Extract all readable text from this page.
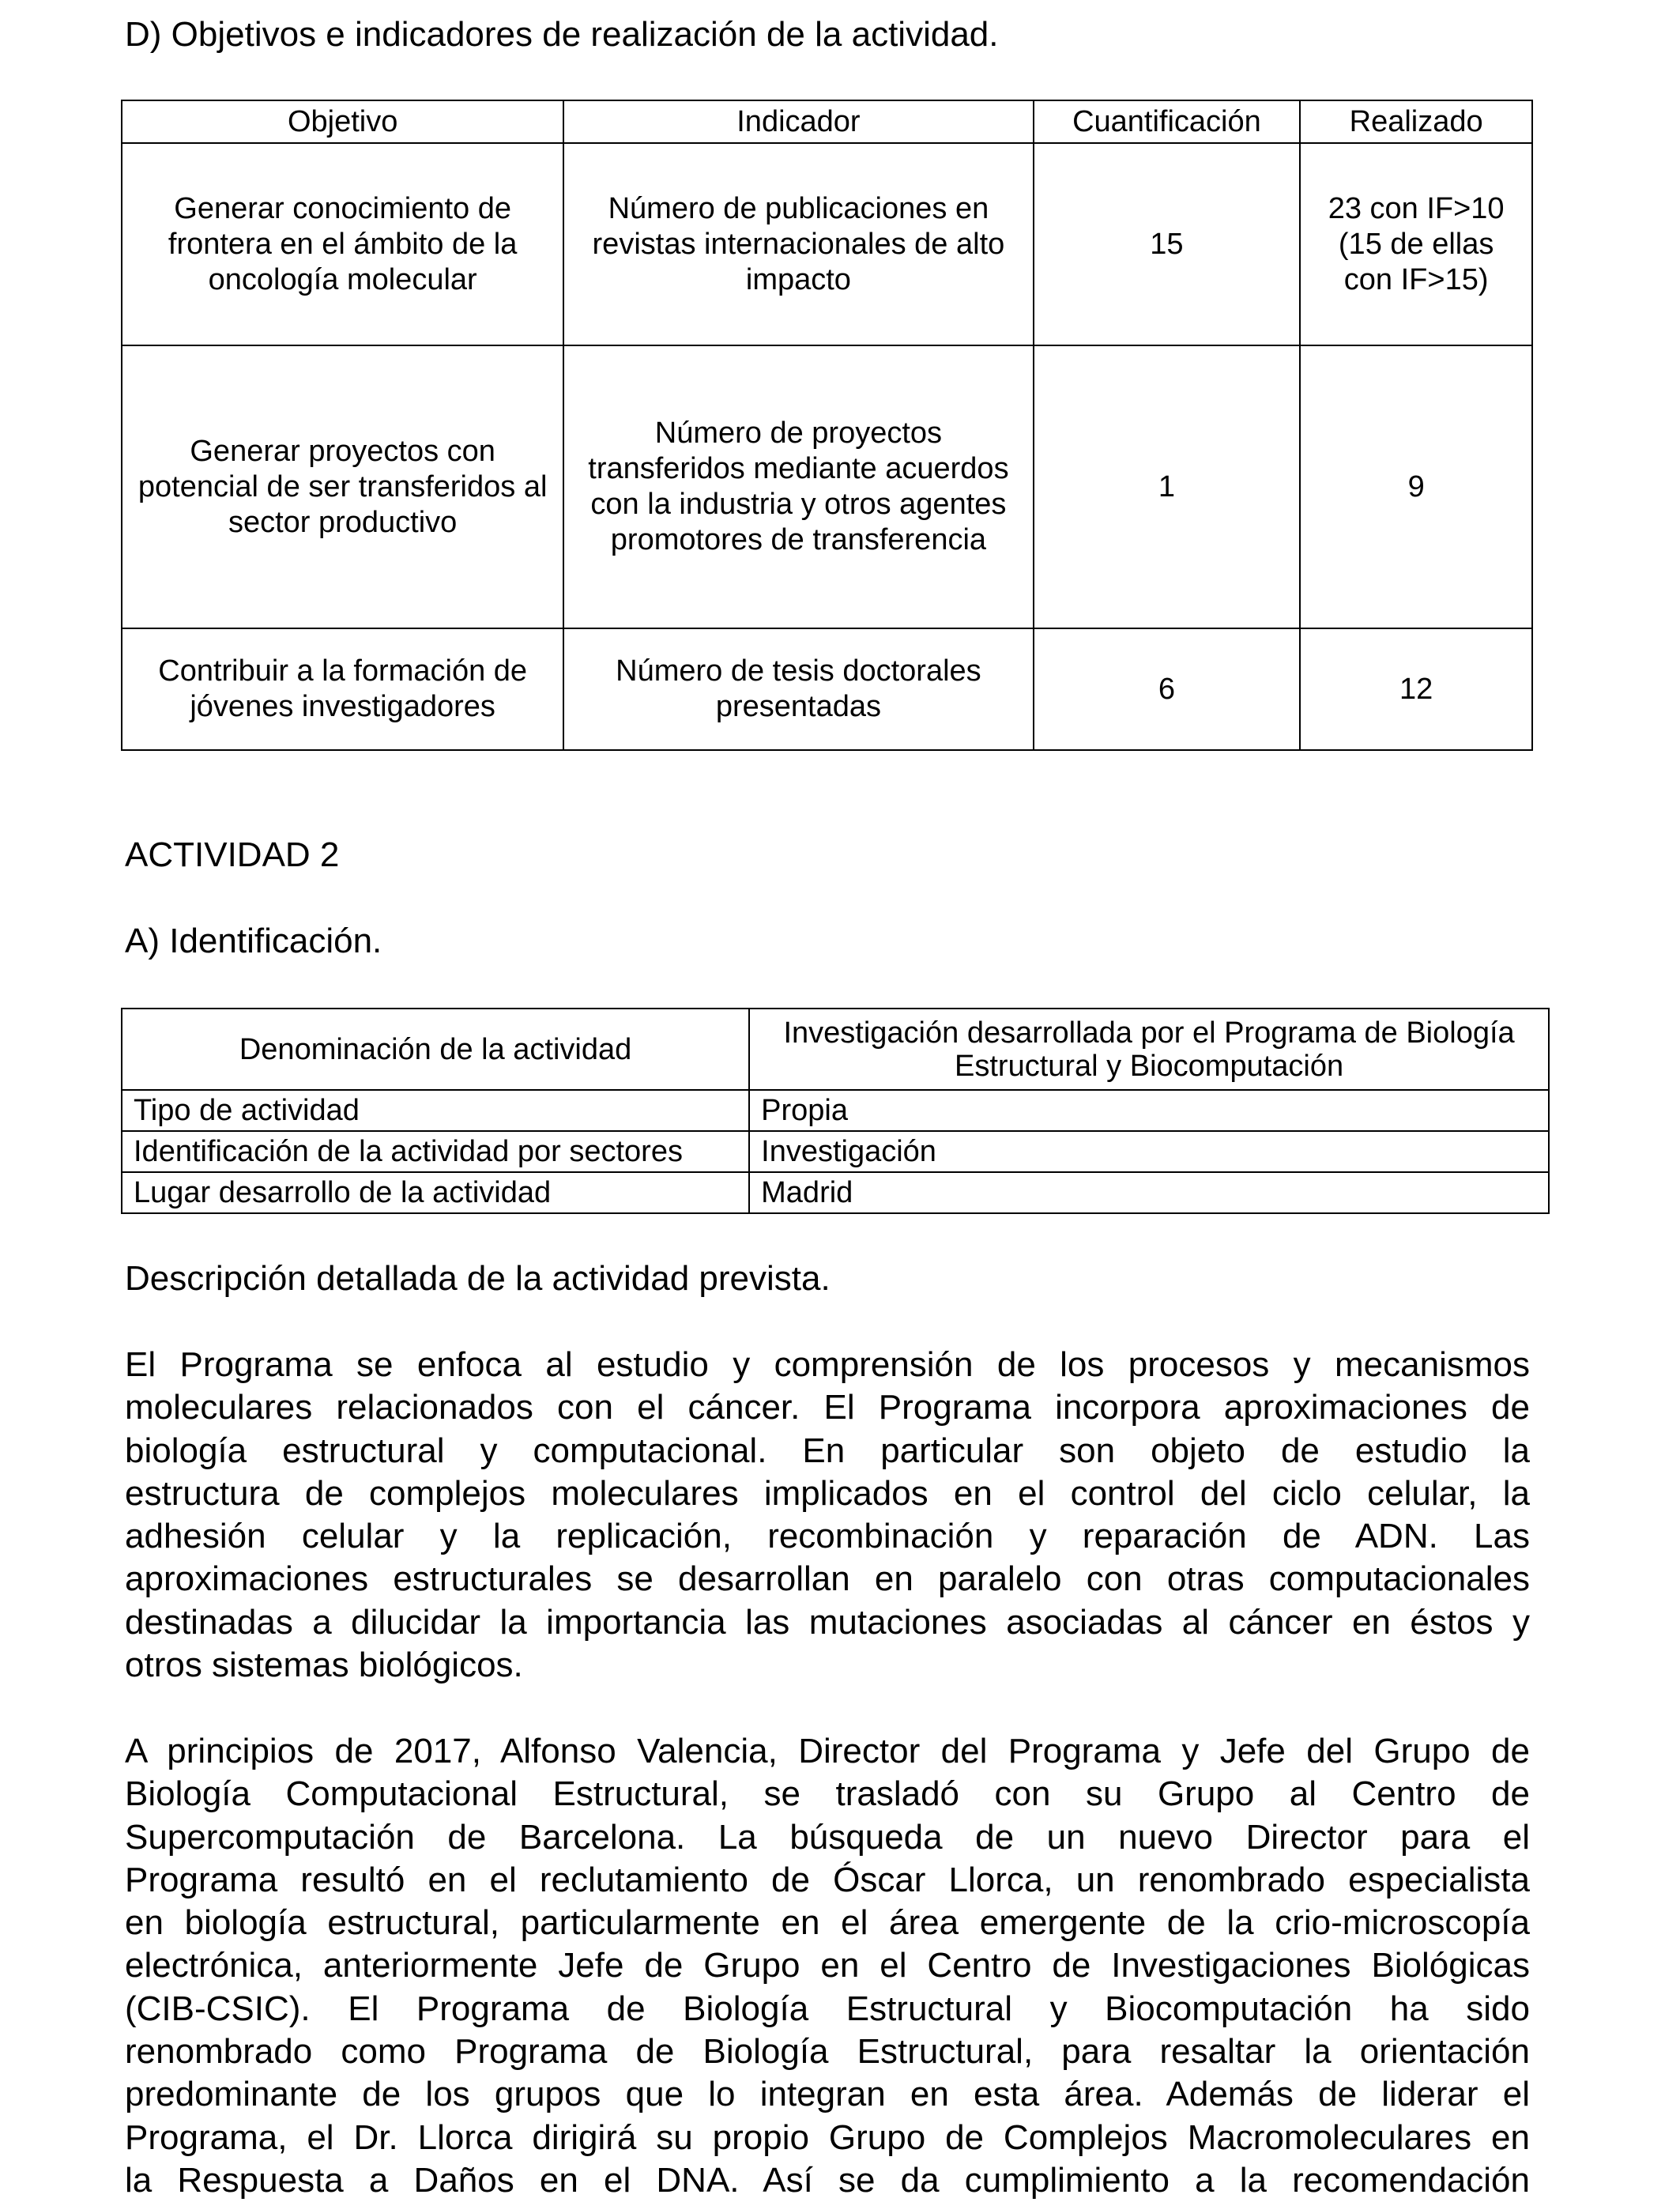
D) Objetivos e indicadores de realización de la actividad.
Objetivo	Indicador	Cuantificación	Realizado
Generar conocimiento de frontera en el ámbito de la oncología molecular	Número de publicaciones en revistas internacionales de alto impacto	15	23 con IF>10 (15 de ellas con IF>15)
Generar proyectos con potencial de ser transferidos al sector productivo	Número de proyectos transferidos mediante acuerdos con la industria y otros agentes promotores de transferencia	1	9
Contribuir a la formación de jóvenes investigadores	Número de tesis doctorales presentadas	6	12
ACTIVIDAD 2
A) Identificación.
Denominación de la actividad	Investigación desarrollada por el Programa de Biología Estructural y Biocomputación
Tipo de actividad	Propia
Identificación de la actividad por sectores	Investigación
Lugar desarrollo de la actividad	Madrid
Descripción detallada de la actividad prevista.
El Programa se enfoca al estudio y comprensión de los procesos y mecanismos
moleculares relacionados con el cáncer. El Programa incorpora aproximaciones de
biología estructural y computacional. En particular son objeto de estudio la
estructura de complejos moleculares implicados en el control del ciclo celular, la
adhesión celular y la replicación, recombinación y reparación de ADN. Las
aproximaciones estructurales se desarrollan en paralelo con otras computacionales
destinadas a dilucidar la importancia las mutaciones asociadas al cáncer en éstos y
otros sistemas biológicos.
A principios de 2017, Alfonso Valencia, Director del Programa y Jefe del Grupo de
Biología Computacional Estructural, se trasladó con su Grupo al Centro de
Supercomputación de Barcelona. La búsqueda de un nuevo Director para el
Programa resultó en el reclutamiento de Óscar Llorca, un renombrado especialista
en biología estructural, particularmente en el área emergente de la crio-microscopía
electrónica, anteriormente Jefe de Grupo en el Centro de Investigaciones Biológicas
(CIB-CSIC). El Programa de Biología Estructural y Biocomputación ha sido
renombrado como Programa de Biología Estructural, para resaltar la orientación
predominante de los grupos que lo integran en esta área. Además de liderar el
Programa, el Dr. Llorca dirigirá su propio Grupo de Complejos Macromoleculares en
la Respuesta a Daños en el DNA. Así se da cumplimiento a la recomendación
